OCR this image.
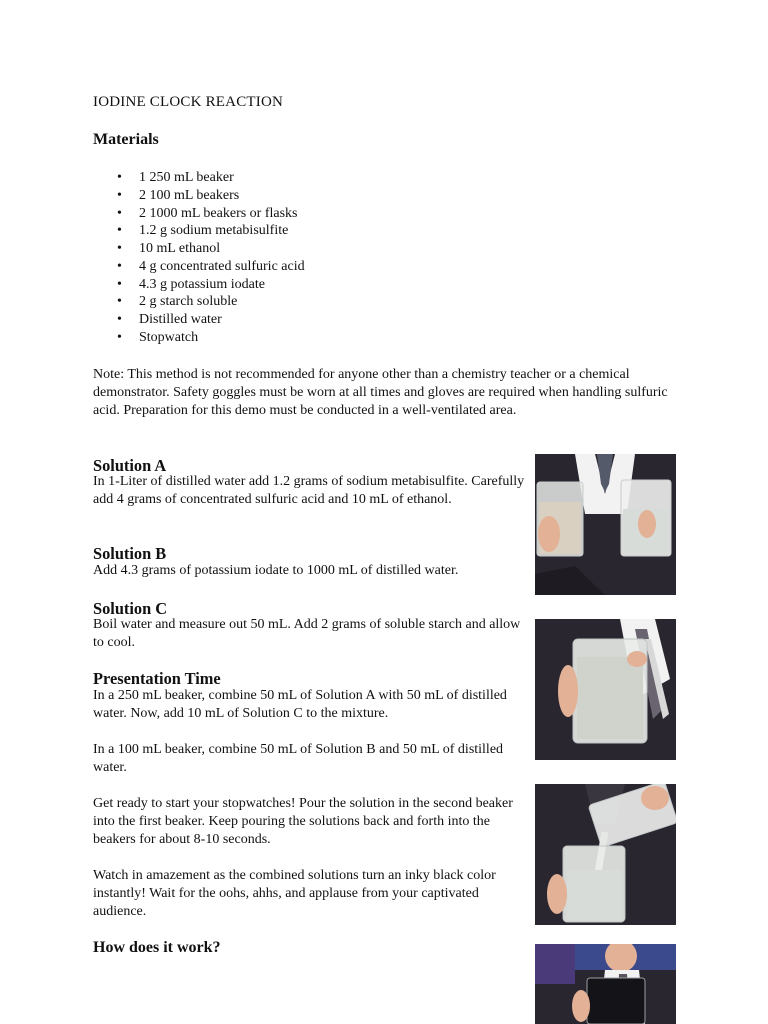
IODINE CLOCK REACTION
Materials
• 1 250 mL beaker
• 2 100 mL beakers
• 2 1000 mL beakers or flasks
• 1.2 g sodium metabisulfite
• 10 mL ethanol
• 4 g concentrated sulfuric acid
• 4.3 g potassium iodate
• 2 g starch soluble
• Distilled water
• Stopwatch

Note: This method is not recommended for anyone other than a chemistry teacher or a chemical demonstrator. Safety goggles must be worn at all times and gloves are required when handling sulfuric acid. Preparation for this demo must be conducted in a well-ventilated area.

Solution A

In 1-Liter of distilled water add 1.2 grams of sodium metabisulfite. Carefully add 4 grams of concentrated sulfuric acid and 10 mL of ethanol.

Solution B

Add 4.3 grams of potassium iodate to 1000 mL of distilled water.

Solution C

Boil water and measure out 50 mL. Add 2 grams of soluble starch and allow to cool.

Presentation Time

In a 250 mL beaker, combine 50 mL of Solution A with 50 mL of distilled water. Now, add 10 mL of Solution C to the mixture.

In a 100 mL beaker, combine 50 mL of Solution B and 50 mL of distilled water.

Get ready to start your stopwatches! Pour the solution in the second beaker into the first beaker. Keep pouring the solutions back and forth into the beakers for about 8-10 seconds.

Watch in amazement as the combined solutions turn an inky black color instantly! Wait for the oohs, ahhs, and applause from your captivated audience.

How does it work?
